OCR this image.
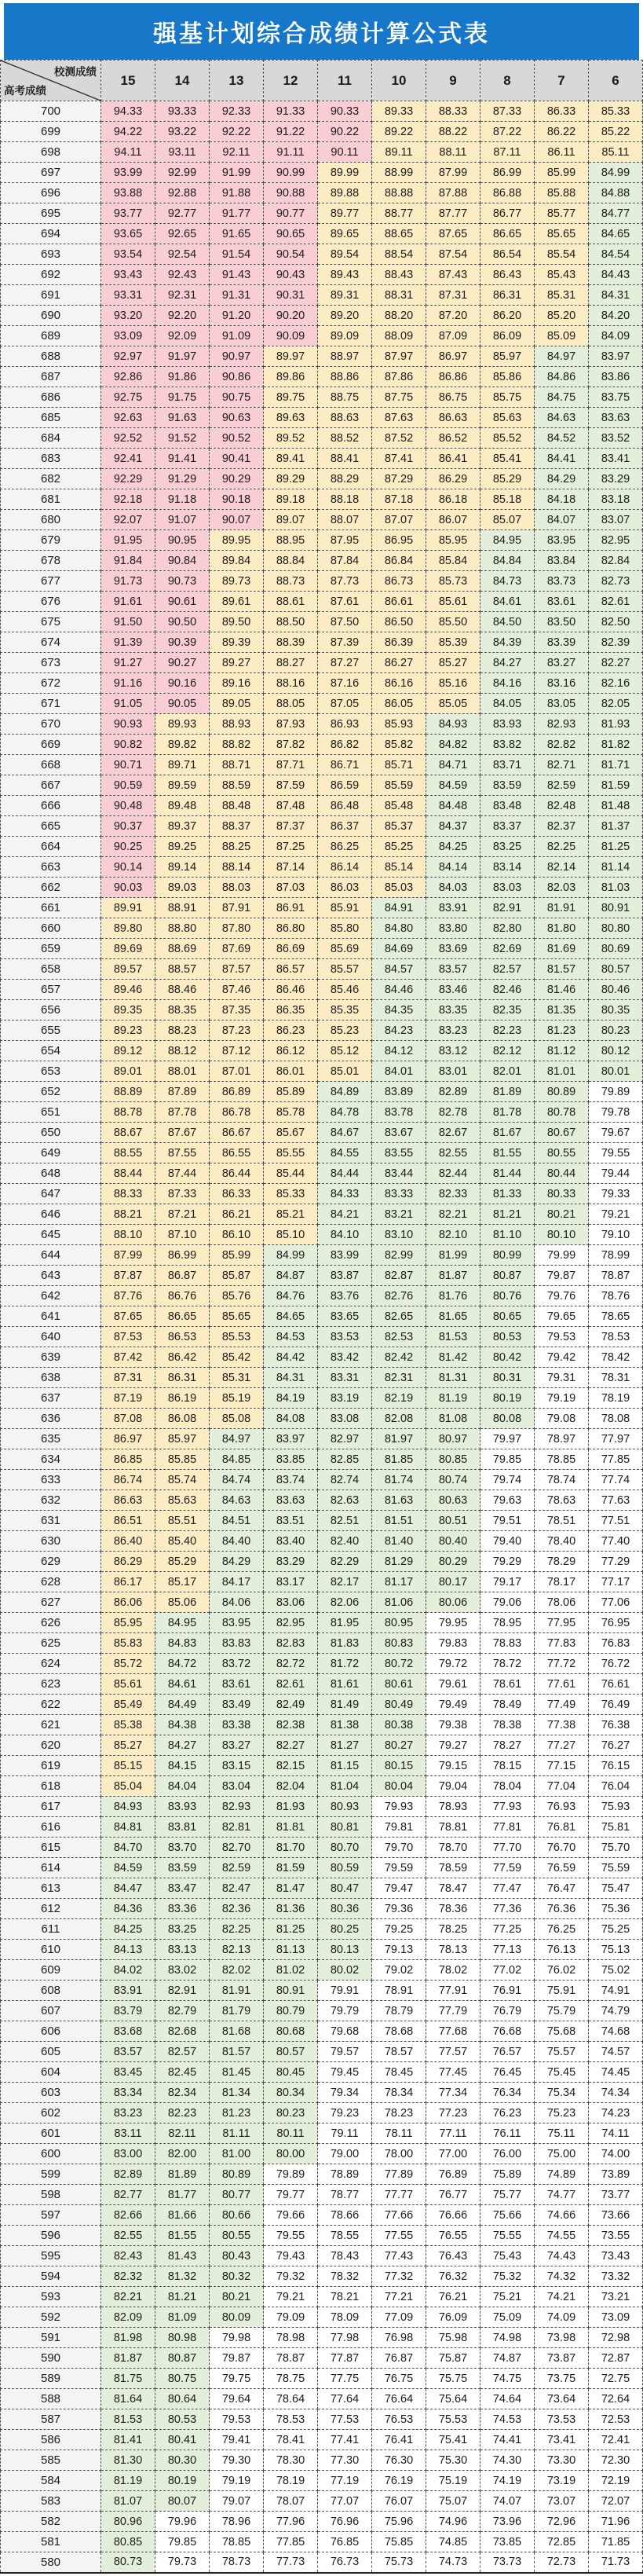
强基计划综合成绩计算公式表
校测成绩
高考成绩	15	14	13	12	11	10	9	8	7	6
700	94.33	93.33	92.33	91.33	90.33	89.33	88.33	87.33	86.33	85.33
699	94.22	93.22	92.22	91.22	90.22	89.22	88.22	87.22	86.22	85.22
698	94.11	93.11	92.11	91.11	90.11	89.11	88.11	87.11	86.11	85.11
697	93.99	92.99	91.99	90.99	89.99	88.99	87.99	86.99	85.99	84.99
696	93.88	92.88	91.88	90.88	89.88	88.88	87.88	86.88	85.88	84.88
695	93.77	92.77	91.77	90.77	89.77	88.77	87.77	86.77	85.77	84.77
694	93.65	92.65	91.65	90.65	89.65	88.65	87.65	86.65	85.65	84.65
693	93.54	92.54	91.54	90.54	89.54	88.54	87.54	86.54	85.54	84.54
692	93.43	92.43	91.43	90.43	89.43	88.43	87.43	86.43	85.43	84.43
691	93.31	92.31	91.31	90.31	89.31	88.31	87.31	86.31	85.31	84.31
690	93.20	92.20	91.20	90.20	89.20	88.20	87.20	86.20	85.20	84.20
689	93.09	92.09	91.09	90.09	89.09	88.09	87.09	86.09	85.09	84.09
688	92.97	91.97	90.97	89.97	88.97	87.97	86.97	85.97	84.97	83.97
687	92.86	91.86	90.86	89.86	88.86	87.86	86.86	85.86	84.86	83.86
686	92.75	91.75	90.75	89.75	88.75	87.75	86.75	85.75	84.75	83.75
685	92.63	91.63	90.63	89.63	88.63	87.63	86.63	85.63	84.63	83.63
684	92.52	91.52	90.52	89.52	88.52	87.52	86.52	85.52	84.52	83.52
683	92.41	91.41	90.41	89.41	88.41	87.41	86.41	85.41	84.41	83.41
682	92.29	91.29	90.29	89.29	88.29	87.29	86.29	85.29	84.29	83.29
681	92.18	91.18	90.18	89.18	88.18	87.18	86.18	85.18	84.18	83.18
680	92.07	91.07	90.07	89.07	88.07	87.07	86.07	85.07	84.07	83.07
679	91.95	90.95	89.95	88.95	87.95	86.95	85.95	84.95	83.95	82.95
678	91.84	90.84	89.84	88.84	87.84	86.84	85.84	84.84	83.84	82.84
677	91.73	90.73	89.73	88.73	87.73	86.73	85.73	84.73	83.73	82.73
676	91.61	90.61	89.61	88.61	87.61	86.61	85.61	84.61	83.61	82.61
675	91.50	90.50	89.50	88.50	87.50	86.50	85.50	84.50	83.50	82.50
674	91.39	90.39	89.39	88.39	87.39	86.39	85.39	84.39	83.39	82.39
673	91.27	90.27	89.27	88.27	87.27	86.27	85.27	84.27	83.27	82.27
672	91.16	90.16	89.16	88.16	87.16	86.16	85.16	84.16	83.16	82.16
671	91.05	90.05	89.05	88.05	87.05	86.05	85.05	84.05	83.05	82.05
670	90.93	89.93	88.93	87.93	86.93	85.93	84.93	83.93	82.93	81.93
669	90.82	89.82	88.82	87.82	86.82	85.82	84.82	83.82	82.82	81.82
668	90.71	89.71	88.71	87.71	86.71	85.71	84.71	83.71	82.71	81.71
667	90.59	89.59	88.59	87.59	86.59	85.59	84.59	83.59	82.59	81.59
666	90.48	89.48	88.48	87.48	86.48	85.48	84.48	83.48	82.48	81.48
665	90.37	89.37	88.37	87.37	86.37	85.37	84.37	83.37	82.37	81.37
664	90.25	89.25	88.25	87.25	86.25	85.25	84.25	83.25	82.25	81.25
663	90.14	89.14	88.14	87.14	86.14	85.14	84.14	83.14	82.14	81.14
662	90.03	89.03	88.03	87.03	86.03	85.03	84.03	83.03	82.03	81.03
661	89.91	88.91	87.91	86.91	85.91	84.91	83.91	82.91	81.91	80.91
660	89.80	88.80	87.80	86.80	85.80	84.80	83.80	82.80	81.80	80.80
659	89.69	88.69	87.69	86.69	85.69	84.69	83.69	82.69	81.69	80.69
658	89.57	88.57	87.57	86.57	85.57	84.57	83.57	82.57	81.57	80.57
657	89.46	88.46	87.46	86.46	85.46	84.46	83.46	82.46	81.46	80.46
656	89.35	88.35	87.35	86.35	85.35	84.35	83.35	82.35	81.35	80.35
655	89.23	88.23	87.23	86.23	85.23	84.23	83.23	82.23	81.23	80.23
654	89.12	88.12	87.12	86.12	85.12	84.12	83.12	82.12	81.12	80.12
653	89.01	88.01	87.01	86.01	85.01	84.01	83.01	82.01	81.01	80.01
652	88.89	87.89	86.89	85.89	84.89	83.89	82.89	81.89	80.89	79.89
651	88.78	87.78	86.78	85.78	84.78	83.78	82.78	81.78	80.78	79.78
650	88.67	87.67	86.67	85.67	84.67	83.67	82.67	81.67	80.67	79.67
649	88.55	87.55	86.55	85.55	84.55	83.55	82.55	81.55	80.55	79.55
648	88.44	87.44	86.44	85.44	84.44	83.44	82.44	81.44	80.44	79.44
647	88.33	87.33	86.33	85.33	84.33	83.33	82.33	81.33	80.33	79.33
646	88.21	87.21	86.21	85.21	84.21	83.21	82.21	81.21	80.21	79.21
645	88.10	87.10	86.10	85.10	84.10	83.10	82.10	81.10	80.10	79.10
644	87.99	86.99	85.99	84.99	83.99	82.99	81.99	80.99	79.99	78.99
643	87.87	86.87	85.87	84.87	83.87	82.87	81.87	80.87	79.87	78.87
642	87.76	86.76	85.76	84.76	83.76	82.76	81.76	80.76	79.76	78.76
641	87.65	86.65	85.65	84.65	83.65	82.65	81.65	80.65	79.65	78.65
640	87.53	86.53	85.53	84.53	83.53	82.53	81.53	80.53	79.53	78.53
639	87.42	86.42	85.42	84.42	83.42	82.42	81.42	80.42	79.42	78.42
638	87.31	86.31	85.31	84.31	83.31	82.31	81.31	80.31	79.31	78.31
637	87.19	86.19	85.19	84.19	83.19	82.19	81.19	80.19	79.19	78.19
636	87.08	86.08	85.08	84.08	83.08	82.08	81.08	80.08	79.08	78.08
635	86.97	85.97	84.97	83.97	82.97	81.97	80.97	79.97	78.97	77.97
634	86.85	85.85	84.85	83.85	82.85	81.85	80.85	79.85	78.85	77.85
633	86.74	85.74	84.74	83.74	82.74	81.74	80.74	79.74	78.74	77.74
632	86.63	85.63	84.63	83.63	82.63	81.63	80.63	79.63	78.63	77.63
631	86.51	85.51	84.51	83.51	82.51	81.51	80.51	79.51	78.51	77.51
630	86.40	85.40	84.40	83.40	82.40	81.40	80.40	79.40	78.40	77.40
629	86.29	85.29	84.29	83.29	82.29	81.29	80.29	79.29	78.29	77.29
628	86.17	85.17	84.17	83.17	82.17	81.17	80.17	79.17	78.17	77.17
627	86.06	85.06	84.06	83.06	82.06	81.06	80.06	79.06	78.06	77.06
626	85.95	84.95	83.95	82.95	81.95	80.95	79.95	78.95	77.95	76.95
625	85.83	84.83	83.83	82.83	81.83	80.83	79.83	78.83	77.83	76.83
624	85.72	84.72	83.72	82.72	81.72	80.72	79.72	78.72	77.72	76.72
623	85.61	84.61	83.61	82.61	81.61	80.61	79.61	78.61	77.61	76.61
622	85.49	84.49	83.49	82.49	81.49	80.49	79.49	78.49	77.49	76.49
621	85.38	84.38	83.38	82.38	81.38	80.38	79.38	78.38	77.38	76.38
620	85.27	84.27	83.27	82.27	81.27	80.27	79.27	78.27	77.27	76.27
619	85.15	84.15	83.15	82.15	81.15	80.15	79.15	78.15	77.15	76.15
618	85.04	84.04	83.04	82.04	81.04	80.04	79.04	78.04	77.04	76.04
617	84.93	83.93	82.93	81.93	80.93	79.93	78.93	77.93	76.93	75.93
616	84.81	83.81	82.81	81.81	80.81	79.81	78.81	77.81	76.81	75.81
615	84.70	83.70	82.70	81.70	80.70	79.70	78.70	77.70	76.70	75.70
614	84.59	83.59	82.59	81.59	80.59	79.59	78.59	77.59	76.59	75.59
613	84.47	83.47	82.47	81.47	80.47	79.47	78.47	77.47	76.47	75.47
612	84.36	83.36	82.36	81.36	80.36	79.36	78.36	77.36	76.36	75.36
611	84.25	83.25	82.25	81.25	80.25	79.25	78.25	77.25	76.25	75.25
610	84.13	83.13	82.13	81.13	80.13	79.13	78.13	77.13	76.13	75.13
609	84.02	83.02	82.02	81.02	80.02	79.02	78.02	77.02	76.02	75.02
608	83.91	82.91	81.91	80.91	79.91	78.91	77.91	76.91	75.91	74.91
607	83.79	82.79	81.79	80.79	79.79	78.79	77.79	76.79	75.79	74.79
606	83.68	82.68	81.68	80.68	79.68	78.68	77.68	76.68	75.68	74.68
605	83.57	82.57	81.57	80.57	79.57	78.57	77.57	76.57	75.57	74.57
604	83.45	82.45	81.45	80.45	79.45	78.45	77.45	76.45	75.45	74.45
603	83.34	82.34	81.34	80.34	79.34	78.34	77.34	76.34	75.34	74.34
602	83.23	82.23	81.23	80.23	79.23	78.23	77.23	76.23	75.23	74.23
601	83.11	82.11	81.11	80.11	79.11	78.11	77.11	76.11	75.11	74.11
600	83.00	82.00	81.00	80.00	79.00	78.00	77.00	76.00	75.00	74.00
599	82.89	81.89	80.89	79.89	78.89	77.89	76.89	75.89	74.89	73.89
598	82.77	81.77	80.77	79.77	78.77	77.77	76.77	75.77	74.77	73.77
597	82.66	81.66	80.66	79.66	78.66	77.66	76.66	75.66	74.66	73.66
596	82.55	81.55	80.55	79.55	78.55	77.55	76.55	75.55	74.55	73.55
595	82.43	81.43	80.43	79.43	78.43	77.43	76.43	75.43	74.43	73.43
594	82.32	81.32	80.32	79.32	78.32	77.32	76.32	75.32	74.32	73.32
593	82.21	81.21	80.21	79.21	78.21	77.21	76.21	75.21	74.21	73.21
592	82.09	81.09	80.09	79.09	78.09	77.09	76.09	75.09	74.09	73.09
591	81.98	80.98	79.98	78.98	77.98	76.98	75.98	74.98	73.98	72.98
590	81.87	80.87	79.87	78.87	77.87	76.87	75.87	74.87	73.87	72.87
589	81.75	80.75	79.75	78.75	77.75	76.75	75.75	74.75	73.75	72.75
588	81.64	80.64	79.64	78.64	77.64	76.64	75.64	74.64	73.64	72.64
587	81.53	80.53	79.53	78.53	77.53	76.53	75.53	74.53	73.53	72.53
586	81.41	80.41	79.41	78.41	77.41	76.41	75.41	74.41	73.41	72.41
585	81.30	80.30	79.30	78.30	77.30	76.30	75.30	74.30	73.30	72.30
584	81.19	80.19	79.19	78.19	77.19	76.19	75.19	74.19	73.19	72.19
583	81.07	80.07	79.07	78.07	77.07	76.07	75.07	74.07	73.07	72.07
582	80.96	79.96	78.96	77.96	76.96	75.96	74.96	73.96	72.96	71.96
581	80.85	79.85	78.85	77.85	76.85	75.85	74.85	73.85	72.85	71.85
580	80.73	79.73	78.73	77.73	76.73	75.73	74.73	73.73	72.73	71.73
